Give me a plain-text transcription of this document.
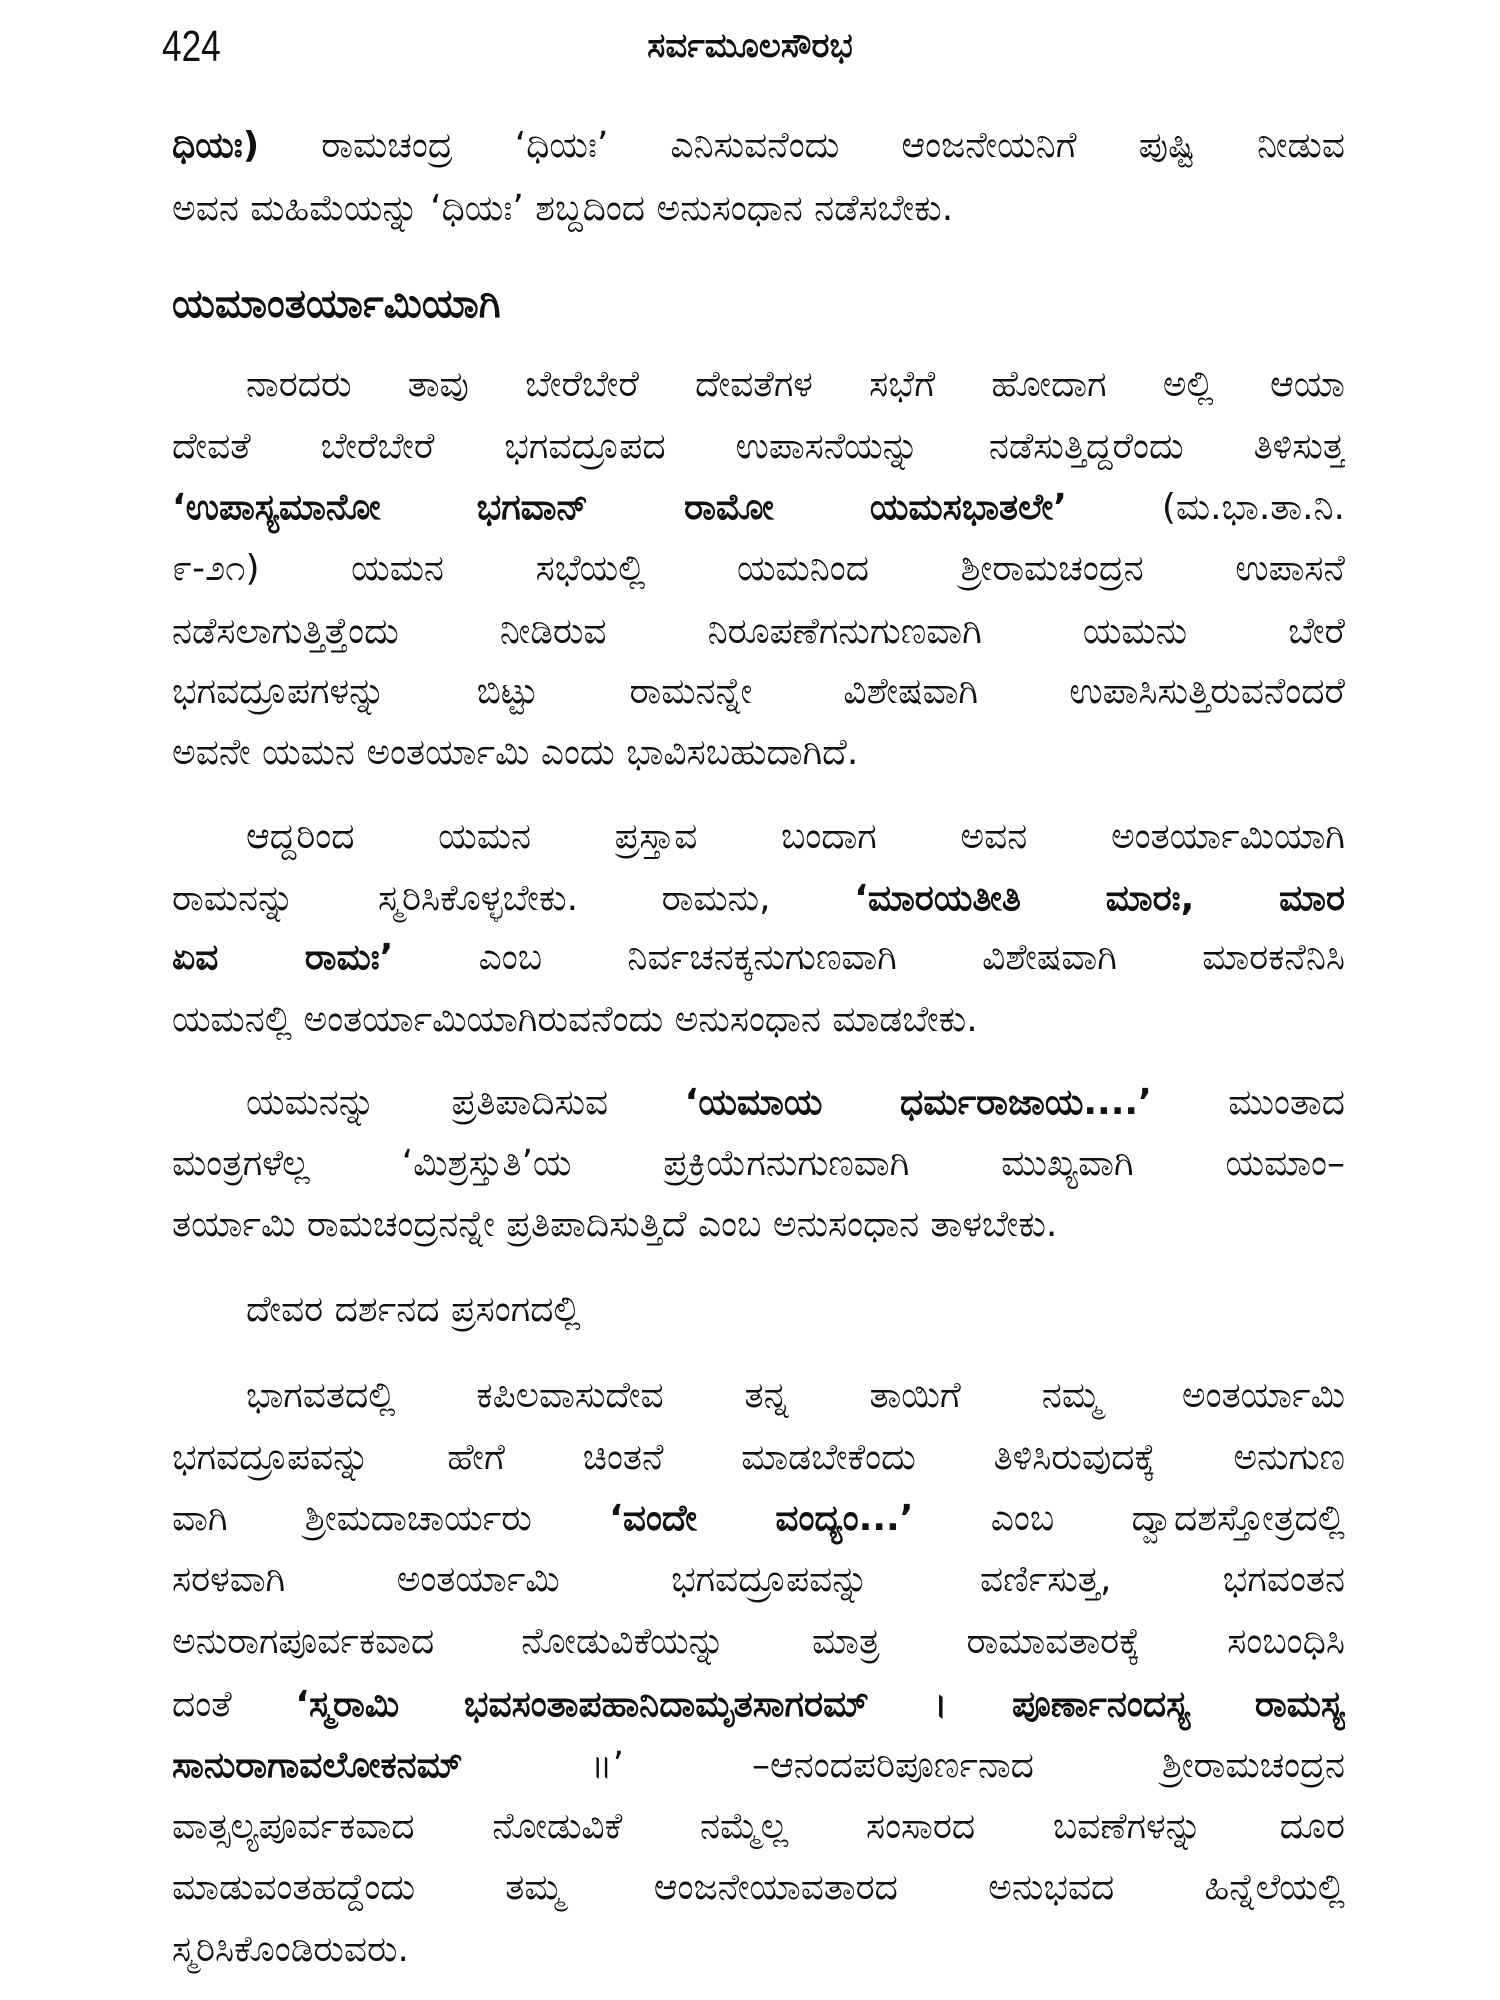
424	ಸರ್ವಮೂಲಸೌರಭ
ಧಿಯಃ) ರಾಮಚಂದ್ರ ‘ಧಿಯಃ’ ಎನಿಸುವನೆಂದು ಆಂಜನೇಯನಿಗೆ ಪುಷ್ಟಿ ನೀಡುವ
ಅವನ ಮಹಿಮೆಯನ್ನು ‘ಧಿಯಃ’ ಶಬ್ದದಿಂದ ಅನುಸಂಧಾನ ನಡೆಸಬೇಕು.
ಯಮಾಂತರ್ಯಾಮಿಯಾಗಿ
ನಾರದರು ತಾವು ಬೇರೆಬೇರೆ ದೇವತೆಗಳ ಸಭೆಗೆ ಹೋದಾಗ ಅಲ್ಲಿ ಆಯಾ
ದೇವತೆ ಬೇರೆಬೇರೆ ಭಗವದ್ರೂಪದ ಉಪಾಸನೆಯನ್ನು ನಡೆಸುತ್ತಿದ್ದರೆಂದು ತಿಳಿಸುತ್ತ
‘ಉಪಾಸ್ಯಮಾನೋ ಭಗವಾನ್ ರಾಮೋ ಯಮಸಭಾತಲೇ’ (ಮ.ಭಾ.ತಾ.ನಿ.
೯-೨೧) ಯಮನ ಸಭೆಯಲ್ಲಿ ಯಮನಿಂದ ಶ್ರೀರಾಮಚಂದ್ರನ ಉಪಾಸನೆ
ನಡೆಸಲಾಗುತ್ತಿತ್ತೆಂದು ನೀಡಿರುವ ನಿರೂಪಣೆಗನುಗುಣವಾಗಿ ಯಮನು ಬೇರೆ
ಭಗವದ್ರೂಪಗಳನ್ನು ಬಿಟ್ಟು ರಾಮನನ್ನೇ ವಿಶೇಷವಾಗಿ ಉಪಾಸಿಸುತ್ತಿರುವನೆಂದರೆ
ಅವನೇ ಯಮನ ಅಂತರ್ಯಾಮಿ ಎಂದು ಭಾವಿಸಬಹುದಾಗಿದೆ.
ಆದ್ದರಿಂದ ಯಮನ ಪ್ರಸ್ತಾವ ಬಂದಾಗ ಅವನ ಅಂತರ್ಯಾಮಿಯಾಗಿ
ರಾಮನನ್ನು ಸ್ಮರಿಸಿಕೊಳ್ಳಬೇಕು. ರಾಮನು, ‘ಮಾರಯತೀತಿ ಮಾರಃ, ಮಾರ
ಏವ ರಾಮಃ’ ಎಂಬ ನಿರ್ವಚನಕ್ಕನುಗುಣವಾಗಿ ವಿಶೇಷವಾಗಿ ಮಾರಕನೆನಿಸಿ
ಯಮನಲ್ಲಿ ಅಂತರ್ಯಾಮಿಯಾಗಿರುವನೆಂದು ಅನುಸಂಧಾನ ಮಾಡಬೇಕು.
ಯಮನನ್ನು ಪ್ರತಿಪಾದಿಸುವ ‘ಯಮಾಯ ಧರ್ಮರಾಜಾಯ....’ ಮುಂತಾದ
ಮಂತ್ರಗಳೆಲ್ಲ ‘ಮಿಶ್ರಸ್ತುತಿ’ಯ ಪ್ರಕ್ರಿಯೆಗನುಗುಣವಾಗಿ ಮುಖ್ಯವಾಗಿ ಯಮಾಂ–
ತರ್ಯಾಮಿ ರಾಮಚಂದ್ರನನ್ನೇ ಪ್ರತಿಪಾದಿಸುತ್ತಿದೆ ಎಂಬ ಅನುಸಂಧಾನ ತಾಳಬೇಕು.
ದೇವರ ದರ್ಶನದ ಪ್ರಸಂಗದಲ್ಲಿ
ಭಾಗವತದಲ್ಲಿ ಕಪಿಲವಾಸುದೇವ ತನ್ನ ತಾಯಿಗೆ ನಮ್ಮ ಅಂತರ್ಯಾಮಿ
ಭಗವದ್ರೂಪವನ್ನು ಹೇಗೆ ಚಿಂತನೆ ಮಾಡಬೇಕೆಂದು ತಿಳಿಸಿರುವುದಕ್ಕೆ ಅನುಗುಣ
ವಾಗಿ ಶ್ರೀಮದಾಚಾರ್ಯರು ‘ವಂದೇ ವಂದ್ಯಂ...’ ಎಂಬ ದ್ವಾದಶಸ್ತೋತ್ರದಲ್ಲಿ
ಸರಳವಾಗಿ ಅಂತರ್ಯಾಮಿ ಭಗವದ್ರೂಪವನ್ನು ವರ್ಣಿಸುತ್ತ, ಭಗವಂತನ
ಅನುರಾಗಪೂರ್ವಕವಾದ ನೋಡುವಿಕೆಯನ್ನು ಮಾತ್ರ ರಾಮಾವತಾರಕ್ಕೆ ಸಂಬಂಧಿಸಿ
ದಂತೆ ‘ಸ್ಮರಾಮಿ ಭವಸಂತಾಪಹಾನಿದಾಮೃತಸಾಗರಮ್ । ಪೂರ್ಣಾನಂದಸ್ಯ ರಾಮಸ್ಯ
ಸಾನುರಾಗಾವಲೋಕನಮ್ ॥’ –ಆನಂದಪರಿಪೂರ್ಣನಾದ ಶ್ರೀರಾಮಚಂದ್ರನ
ವಾತ್ಸಲ್ಯಪೂರ್ವಕವಾದ ನೋಡುವಿಕೆ ನಮ್ಮೆಲ್ಲ ಸಂಸಾರದ ಬವಣೆಗಳನ್ನು ದೂರ
ಮಾಡುವಂತಹದ್ದೆಂದು ತಮ್ಮ ಆಂಜನೇಯಾವತಾರದ ಅನುಭವದ ಹಿನ್ನೆಲೆಯಲ್ಲಿ
ಸ್ಮರಿಸಿಕೊಂಡಿರುವರು.
